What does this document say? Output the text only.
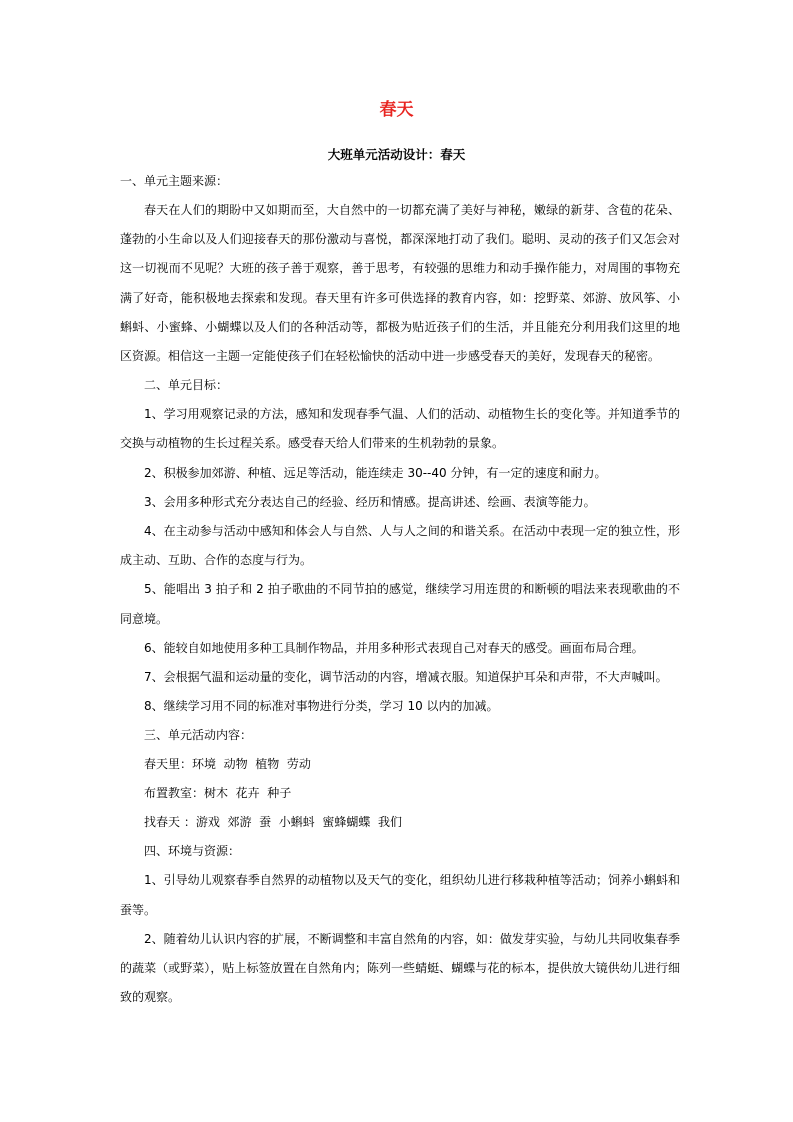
春天
大班单元活动设计：春天

一、单元主题来源：

春天在人们的期盼中又如期而至，大自然中的一切都充满了美好与神秘，嫩绿的新芽、含苞的花朵、蓬勃的小生命以及人们迎接春天的那份激动与喜悦，都深深地打动了我们。聪明、灵动的孩子们又怎会对这一切视而不见呢？大班的孩子善于观察，善于思考，有较强的思维力和动手操作能力，对周围的事物充满了好奇，能积极地去探索和发现。春天里有许多可供选择的教育内容，如：挖野菜、郊游、放风筝、小蝌蚪、小蜜蜂、小蝴蝶以及人们的各种活动等，都极为贴近孩子们的生活，并且能充分利用我们这里的地区资源。相信这一主题一定能使孩子们在轻松愉快的活动中进一步感受春天的美好，发现春天的秘密。

二、单元目标：

1、学习用观察记录的方法，感知和发现春季气温、人们的活动、动植物生长的变化等。并知道季节的交换与动植物的生长过程关系。感受春天给人们带来的生机勃勃的景象。

2、积极参加郊游、种植、远足等活动，能连续走 30--40 分钟，有一定的速度和耐力。

3、会用多种形式充分表达自己的经验、经历和情感。提高讲述、绘画、表演等能力。

4、在主动参与活动中感知和体会人与自然、人与人之间的和谐关系。在活动中表现一定的独立性，形成主动、互助、合作的态度与行为。

5、能唱出 3 拍子和 2 拍子歌曲的不同节拍的感觉，继续学习用连贯的和断顿的唱法来表现歌曲的不同意境。

6、能较自如地使用多种工具制作物品，并用多种形式表现自己对春天的感受。画面布局合理。

7、会根据气温和运动量的变化，调节活动的内容，增减衣服。知道保护耳朵和声带，不大声喊叫。

8、继续学习用不同的标准对事物进行分类，学习 10 以内的加减。

三、单元活动内容：

春天里：环境  动物  植物  劳动

布置教室：树木  花卉  种子

找春天 ：游戏  郊游  蚕  小蝌蚪  蜜蜂蝴蝶  我们

四、环境与资源：

1、引导幼儿观察春季自然界的动植物以及天气的变化，组织幼儿进行移栽种植等活动；饲养小蝌蚪和蚕等。

2、随着幼儿认识内容的扩展，不断调整和丰富自然角的内容，如：做发芽实验，与幼儿共同收集春季的蔬菜（或野菜），贴上标签放置在自然角内；陈列一些蜻蜓、蝴蝶与花的标本，提供放大镜供幼儿进行细致的观察。
